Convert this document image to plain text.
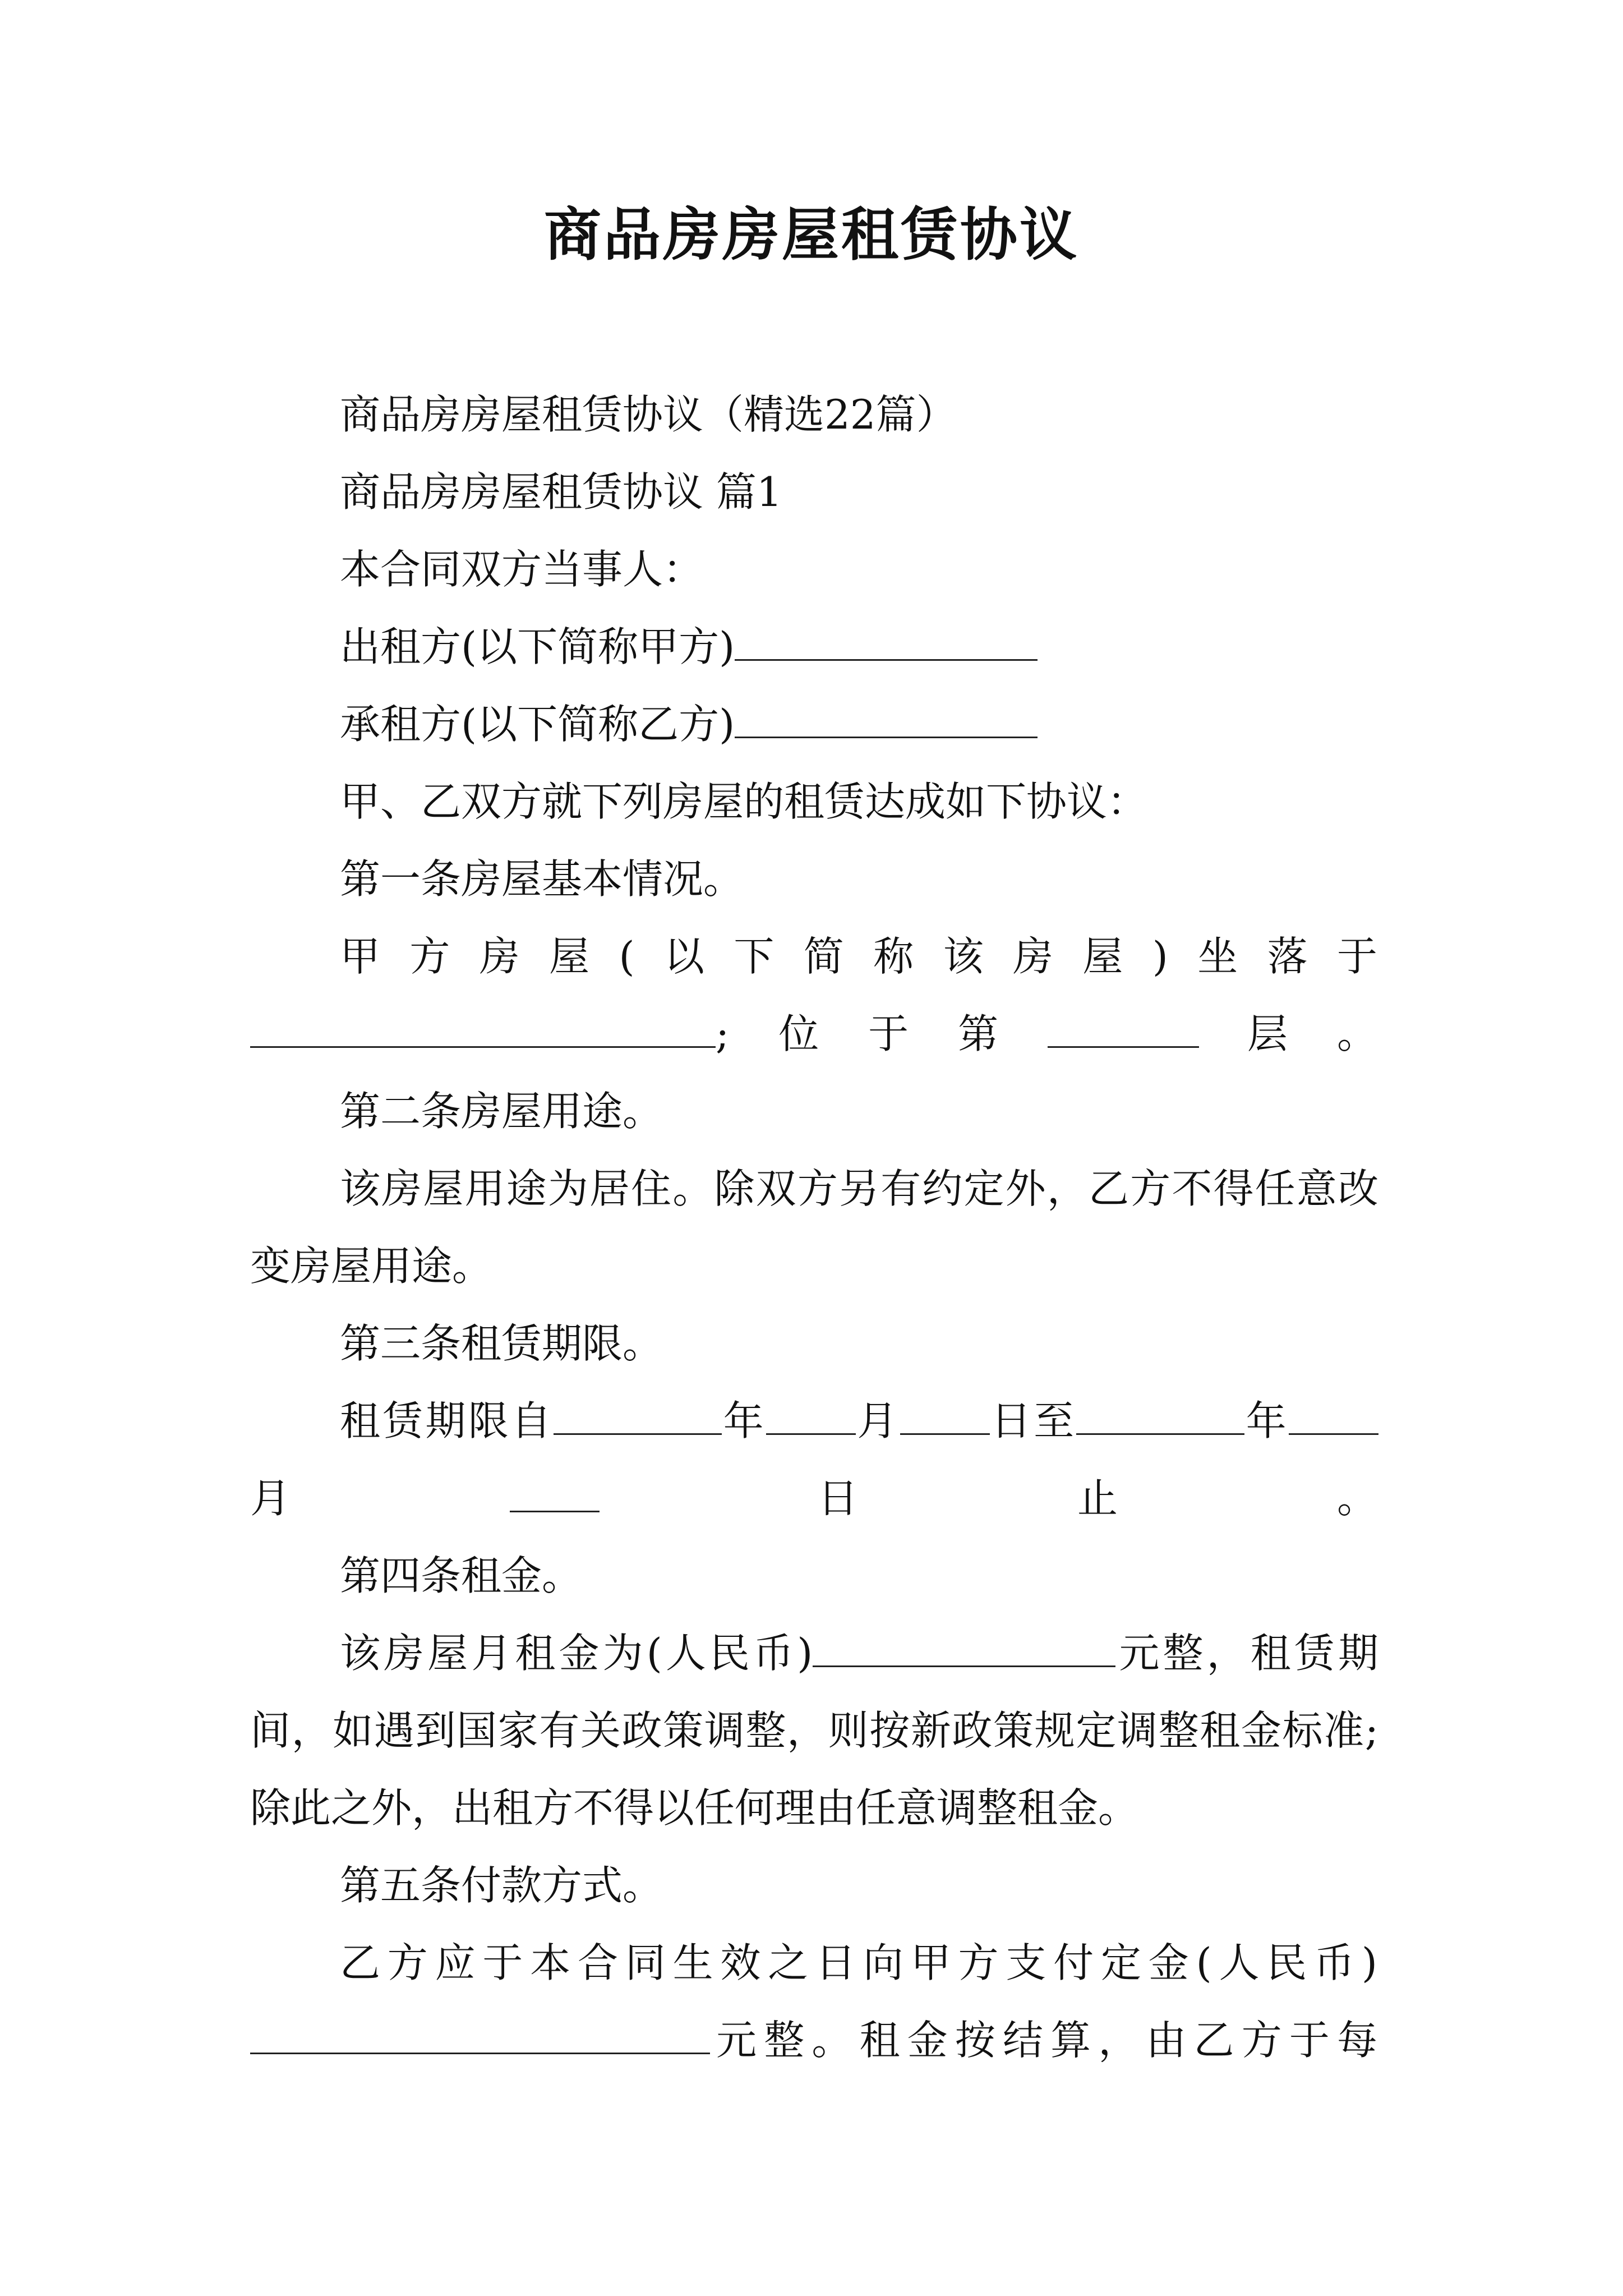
商品房房屋租赁协议

商品房房屋租赁协议（精选22篇）

商品房房屋租赁协议 篇1

本合同双方当事人：

出租方(以下简称甲方)

承租方(以下简称乙方)

甲、乙双方就下列房屋的租赁达成如下协议：

第一条房屋基本情况。

甲方房屋(以下简称该房屋)坐落于 ;位于第	层。

第二条房屋用途。

该房屋用途为居住。除双方另有约定外，乙方不得任意改变房屋用途。

第三条租赁期限。

租赁期限自	年 月 日至	年 月 日止。

第四条租金。

该房屋月租金为(人民币)	元整，租赁期间，如遇到国家有关政策调整，则按新政策规定调整租金标准;除此之外，出租方不得以任何理由任意调整租金。

第五条付款方式。

乙方应于本合同生效之日向甲方支付定金(人民币)元整。租金按结算，由乙方于每
